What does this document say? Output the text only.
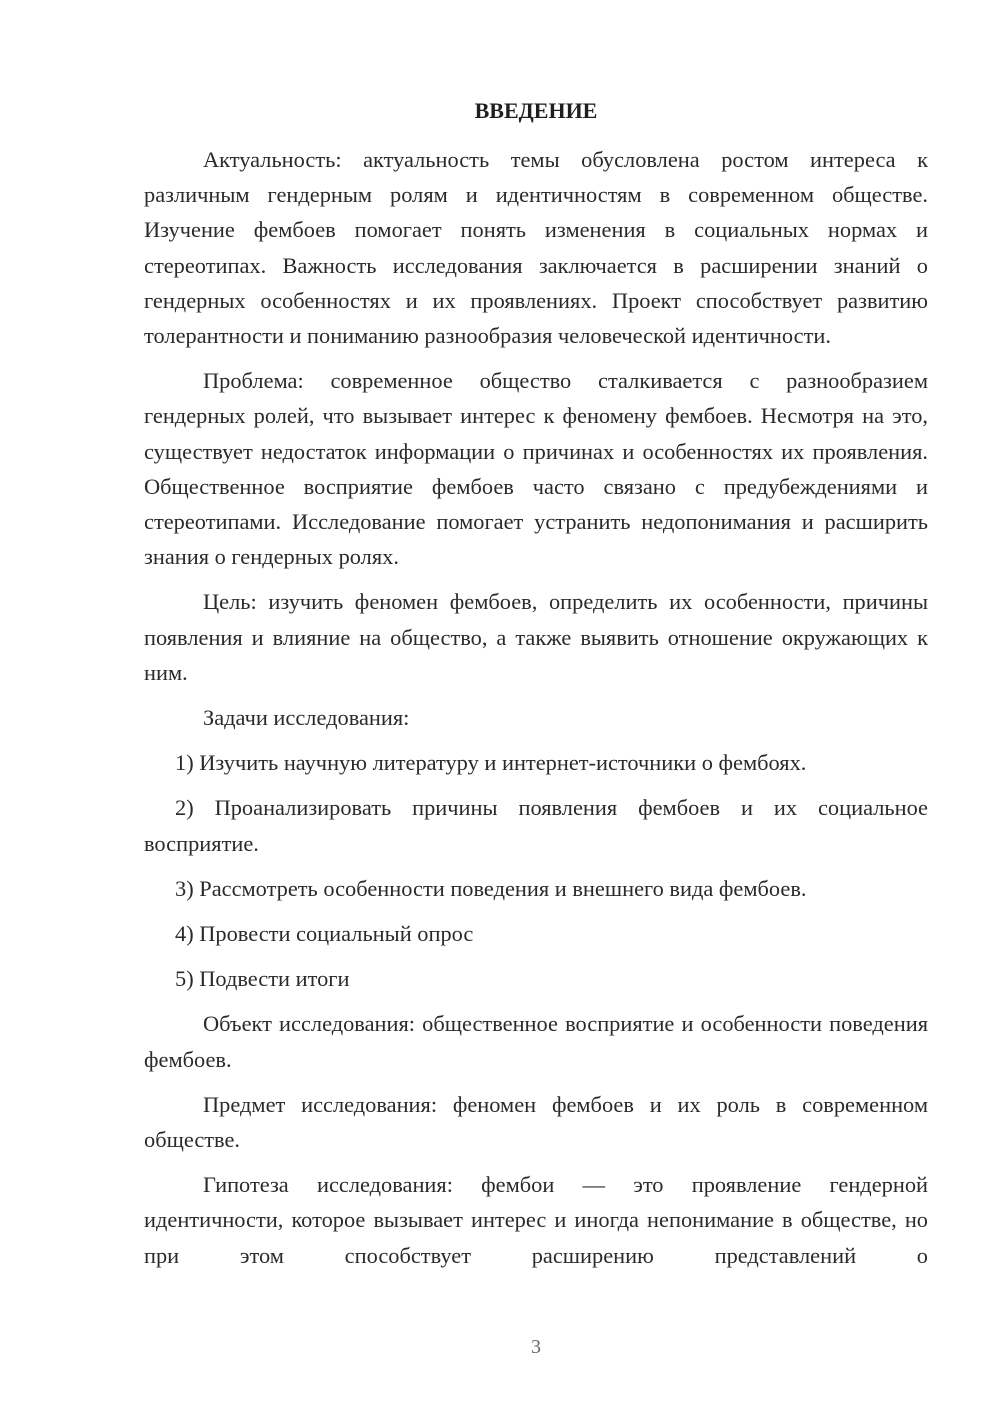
ВВЕДЕНИЕ

Актуальность: актуальность темы обусловлена ростом интереса к различным гендерным ролям и идентичностям в современном обществе. Изучение фембоев помогает понять изменения в социальных нормах и стереотипах. Важность исследования заключается в расширении знаний о гендерных особенностях и их проявлениях. Проект способствует развитию толерантности и пониманию разнообразия человеческой идентичности.

Проблема: современное общество сталкивается с разнообразием гендерных ролей, что вызывает интерес к феномену фембоев. Несмотря на это, существует недостаток информации о причинах и особенностях их проявления. Общественное восприятие фембоев часто связано с предубеждениями и стереотипами. Исследование помогает устранить недопонимания и расширить знания о гендерных ролях.

Цель: изучить феномен фембоев, определить их особенности, причины появления и влияние на общество, а также выявить отношение окружающих к ним.

Задачи исследования:

1) Изучить научную литературу и интернет-источники о фембоях.

2) Проанализировать причины появления фембоев и их социальное восприятие.

3) Рассмотреть особенности поведения и внешнего вида фембоев.

4) Провести социальный опрос

5) Подвести итоги

Объект исследования: общественное восприятие и особенности поведения фембоев.

Предмет исследования: феномен фембоев и их роль в современном обществе.

Гипотеза исследования: фембои — это проявление гендерной идентичности, которое вызывает интерес и иногда непонимание в обществе, но при этом способствует расширению представлений о

3
